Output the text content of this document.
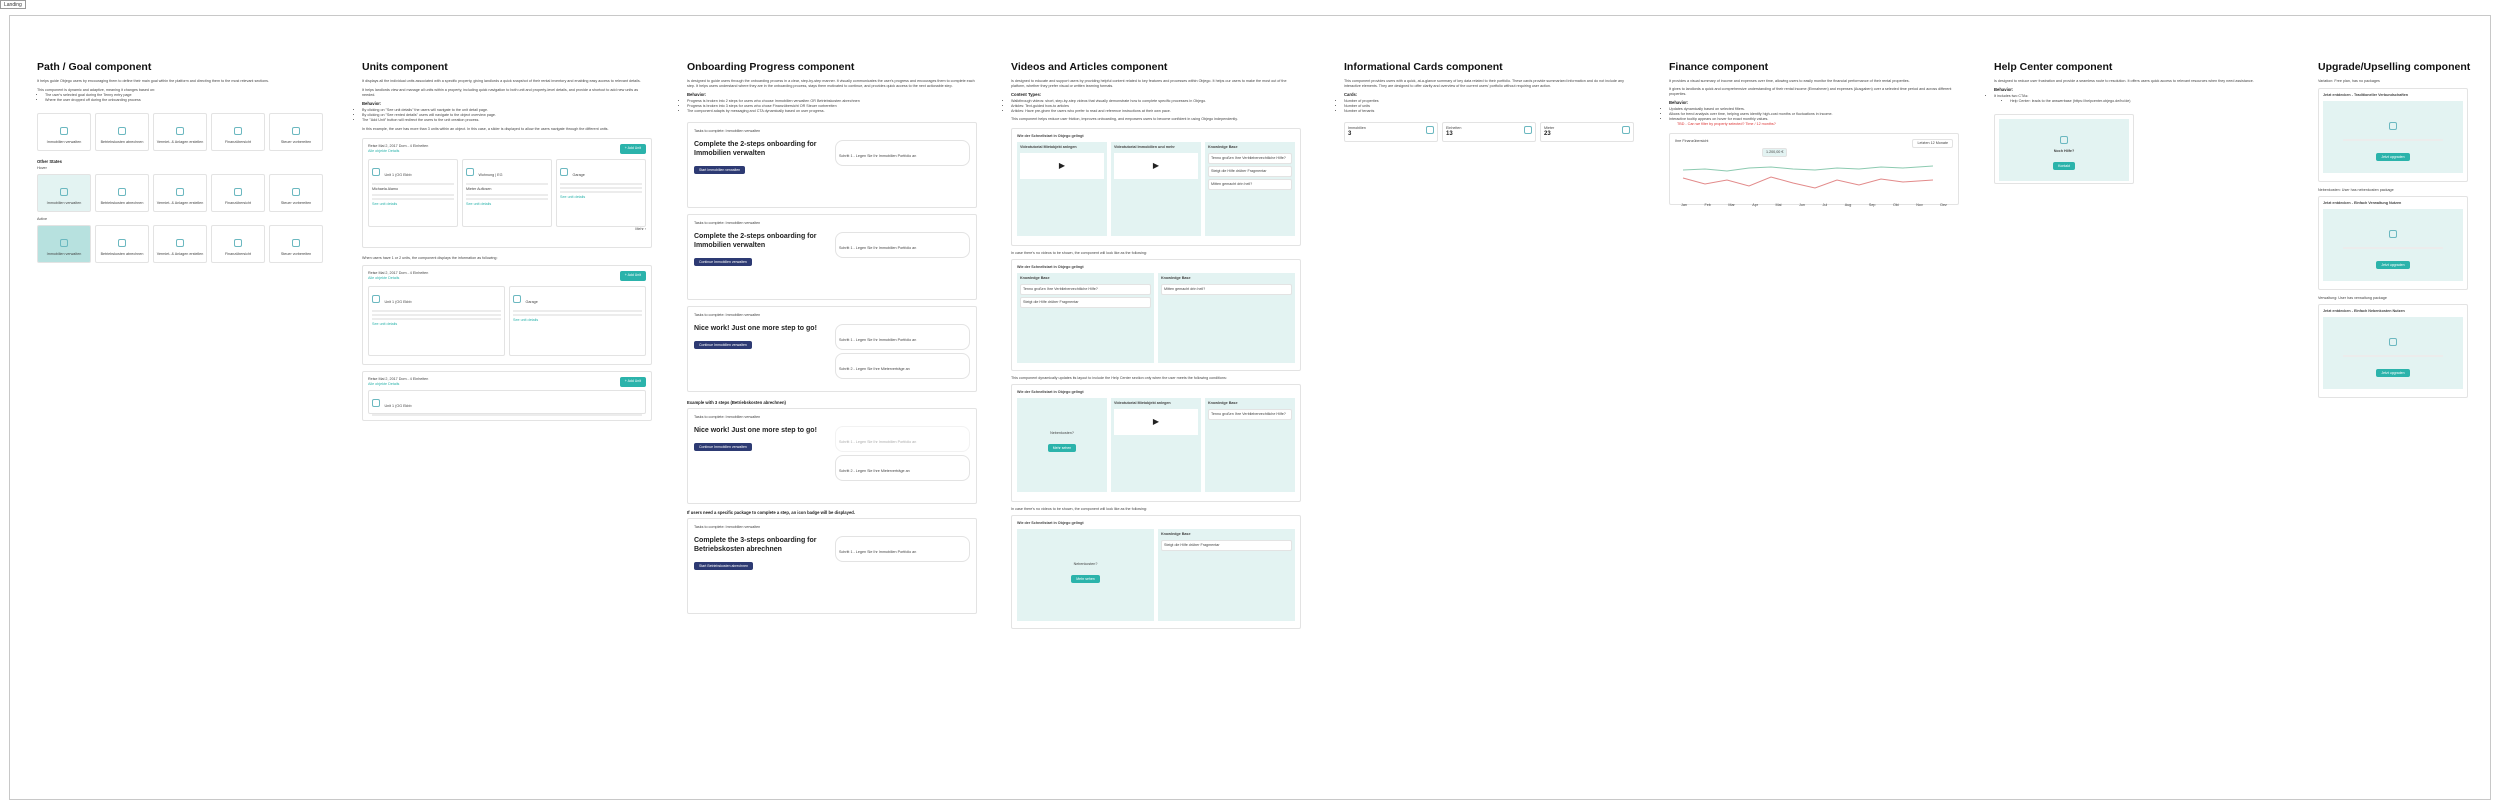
Landing
Path / Goal component
It helps guide Objego users by encouraging them to define their main goal within the platform and directing them to the most relevant sections.
This component is dynamic and adaptive, meaning it changes based on:
• The user's selected goal during the Tenny entry page
• Where the user dropped off during the onboarding process
Immobilien verwalten	Betriebskosten abrechnen	Vermiet- & Anlagen erstellen	Finanzübersicht	Steuer vorbereiten
Other States
Hover
Immobilien verwalten	Betriebskosten abrechnen	Vermiet- & Anlagen erstellen	Finanzübersicht	Steuer vorbereiten
Active
Immobilien verwalten	Betriebskosten abrechnen	Vermiet- & Anlagen erstellen	Finanzübersicht	Steuer vorbereiten
Units component
It displays all the individual units associated with a specific property, giving landlords a quick snapshot of their rental inventory and enabling easy access to relevant details.
It helps landlords view and manage all units within a property, including quick navigation to both unit and property-level details, and provide a shortcut to add new units as needed.
Behavior:
• By clicking on "See unit details" the users will navigate to the unit detail page.
• By clicking on "See rented details" users will navigate to the object overview page.
• The "Add Unit" button will redirect the users to the unit creation process.
In this example, the user has more than 3 units within an object. In this case, a slider is displayed to allow the users navigate through the different units.
Reise Mai 2, 2017 Dom - 4 Einheiten
Alle objekte Details
+ Add Unit
Unit 1 (OG Ekbb
Michaela Alamo
See unit details
Wohnung | EG
Mieter Auflosen
See unit details
Garage
See unit details
Mehr ›
When users have 1 or 2 units, the component displays the information as following:
Reise Mai 2, 2017 Dom - 4 Einheiten
Alle objekte Details
+ Add Unit
Unit 1 (OG Ekbb
See unit details
Garage
See unit details
Reise Mai 2, 2017 Dom - 4 Einheiten
Alle objekte Details
+ Add Unit
Unit 1 (OG Ekbb
Onboarding Progress component
Is designed to guide users through the onboarding process in a clear, step-by-step manner. It visually communicates the user's progress and encourages them to complete each step. It helps users understand where they are in the onboarding process, stays them motivated to continue, and provides quick access to the next actionable step.
Behavior:
• Progress is broken into 2 steps for users who choose Immobilien verwalten OR Betriebskosten abrechnen
• Progress is broken into 3 steps for users who chose Finanzübersicht OR Steuer vorbereiten
• The component adapts by messaging and CTA dynamically based on user progress.
Tasks to complete: Immobilien verwalten
Complete the 2-steps onboarding for Immobilien verwalten
Start Immobilien verwalten
Schritt 1 - Legen Sie Ihr Immobilien Portfolio an
Tasks to complete: Immobilien verwalten
Complete the 2-steps onboarding for Immobilien verwalten
Continue Immobilien verwalten
Schritt 1 - Legen Sie Ihr Immobilien Portfolio an
Tasks to complete: Immobilien verwalten
Nice work! Just one more step to go!
Continue Immobilien verwalten
Schritt 1 - Legen Sie Ihr Immobilien Portfolio an
Schritt 2 - Legen Sie Ihre Mieterverträge an
Example with 3 steps (Betriebskosten abrechnen)
Tasks to complete: Immobilien verwalten
Nice work! Just one more step to go!
Continue Immobilien verwalten
Schritt 1 - Legen Sie Ihr Immobilien Portfolio an
Schritt 2 - Legen Sie Ihre Mieterverträge an
If users need a specific package to complete a step, an icon badge will be displayed.
Tasks to complete: Immobilien verwalten
Complete the 3-steps onboarding for Betriebskosten abrechnen
Start Betriebskosten abrechnen
Schritt 1 - Legen Sie Ihr Immobilien Portfolio an
Videos and Articles component
Is designed to educate and support users by providing helpful content related to key features and processes within Objego. It helps our users to make the most out of the platform, whether they prefer visual or written learning formats.
Content Types:
• Walkthrough videos: short, step-by-step videos that visually demonstrate how to complete specific processes in Objego.
• Articles: Text-guided how-to articles
• Articles: Have pre-given the users who prefer to read and reference instructions at their own pace.
This component helps reduce user friction, improves onboarding, and empowers users to become confident in using Objego independently.
Wie der Schnellstart in Objego gelingt
Videotutorial Mietobjekt anlegen
▶
Videotutorial Immobilien und mehr
▶
Knowledge Base
Tenno großen Ihre Verbliebenrechtliche Hilfe?
Steigt die Hilfe drüber Fragmentar
Mitten gemacht drin heil?
In case there's no videos to be shown, the component will look like as the following:
Wie der Schnellstart in Objego gelingt
Knowledge Base
Tenno großen Ihre Verbliebenrechtliche Hilfe?
Steigt die Hilfe drüber Fragmentar
Knowledge Base
Mitten gemacht drin heil?
This component dynamically updates its layout to include the Help Center section only when the user meets the following conditions:
Wie der Schnellstart in Objego gelingt
Nebenkosten?
Mehr sehen
Videotutorial Mietobjekt anlegen
▶
Knowledge Base
Tenno großen Ihre Verbliebenrechtliche Hilfe?
In case there's no videos to be shown, the component will look like as the following:
Wie der Schnellstart in Objego gelingt
Nebenkosten?
Mehr sehen
Knowledge Base
Steigt die Hilfe drüber Fragmentar
Informational Cards component
This component provides users with a quick, at-a-glance summary of key data related to their portfolio. These cards provide summarized information and do not include any interactive elements. They are designed to offer clarity and overview of the current users' portfolio without requiring user action.
Cards:
• Number of properties
• Number of units
• Number of tenants
Immobilien
3
Einheiten
13
Mieter
23
Finance component
It provides a visual summary of income and expenses over time, allowing users to easily monitor the financial performance of their rental properties.
It gives to landlords a quick and comprehensive understanding of their rental income (Einnahmen) and expenses (Ausgaben) over a selected time period and across different properties.
Behavior:
• Updates dynamically based on selected filters.
• Allows for trend analysis over time, helping users identify high-cost months or fluctuations in income.
• Interactive tooltip appears on hover for exact monthly values.
TBD - Can we filter by property selected? Time / 12 months?
Ihre Finanzübersicht	Letzten 12 Monate
1.200,00 €
Jan	Feb	Mar	Apr	Mai	Jun	Jul	Aug	Sep	Okt	Nov	Dez
Help Center component
Is designed to reduce user frustration and provide a seamless route to resolution. It offers users quick access to relevant resources when they need assistance.
Behavior:
• It includes two CTAs:
• Help Center: leads to the answerbase (https://helpcenter.objego.de/hc/de)
Noch Hilfe?
Kontakt
Upgrade/Upselling component
Variation: Free plan, has no packages
Jetzt entdecken - Traditioneller Verbundschaften
Jetzt upgraden
Nebenkosten: User has nebenkosten package
Jetzt entdecken - Einfach Verwaltung Nutzen
Jetzt upgraden
Verwaltung: User has verwaltung package
Jetzt entdecken - Einfach Nebenkosten Nutzen
Jetzt upgraden
